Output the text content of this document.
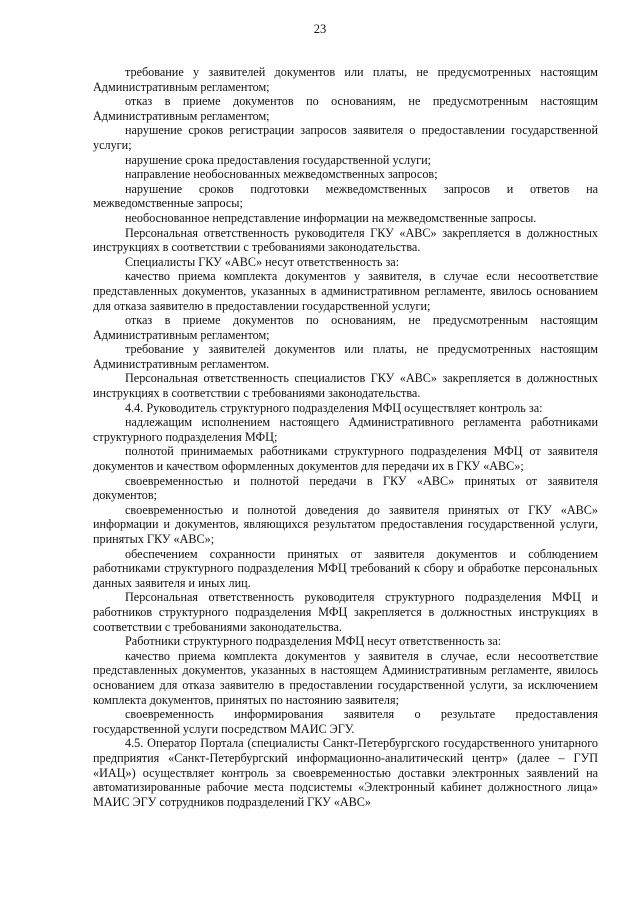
23

требование у заявителей документов или платы, не предусмотренных настоящим Административным регламентом;

отказ в приеме документов по основаниям, не предусмотренным настоящим Административным регламентом;

нарушение сроков регистрации запросов заявителя о предоставлении государственной услуги;

нарушение срока предоставления государственной услуги;

направление необоснованных межведомственных запросов;

нарушение сроков подготовки межведомственных запросов и ответов на межведомственные запросы;

необоснованное непредставление информации на межведомственные запросы.

Персональная ответственность руководителя ГКУ «АВС» закрепляется в должностных инструкциях в соответствии с требованиями законодательства.

Специалисты ГКУ «АВС» несут ответственность за:

качество приема комплекта документов у заявителя, в случае если несоответствие представленных документов, указанных в административном регламенте, явилось основанием для отказа заявителю в предоставлении государственной услуги;

отказ в приеме документов по основаниям, не предусмотренным настоящим Административным регламентом;

требование у заявителей документов или платы, не предусмотренных настоящим Административным регламентом.

Персональная ответственность специалистов ГКУ «АВС» закрепляется в должностных инструкциях в соответствии с требованиями законодательства.

4.4. Руководитель структурного подразделения МФЦ осуществляет контроль за:

надлежащим исполнением настоящего Административного регламента работниками структурного подразделения МФЦ;

полнотой принимаемых работниками структурного подразделения МФЦ от заявителя документов и качеством оформленных документов для передачи их в ГКУ «АВС»;

своевременностью и полнотой передачи в ГКУ «АВС» принятых от заявителя документов;

своевременностью и полнотой доведения до заявителя принятых от ГКУ «АВС» информации и документов, являющихся результатом предоставления государственной услуги, принятых ГКУ «АВС»;

обеспечением сохранности принятых от заявителя документов и соблюдением работниками структурного подразделения МФЦ требований к сбору и обработке персональных данных заявителя и иных лиц.

Персональная ответственность руководителя структурного подразделения МФЦ и работников структурного подразделения МФЦ закрепляется в должностных инструкциях в соответствии с требованиями законодательства.

Работники структурного подразделения МФЦ несут ответственность за:

качество приема комплекта документов у заявителя в случае, если несоответствие представленных документов, указанных в настоящем Административным регламенте, явилось основанием для отказа заявителю в предоставлении государственной услуги, за исключением комплекта документов, принятых по настоянию заявителя;

своевременность информирования заявителя о результате предоставления государственной услуги посредством МАИС ЭГУ.

4.5. Оператор Портала (специалисты Санкт-Петербургского государственного унитарного предприятия «Санкт-Петербургский информационно-аналитический центр» (далее – ГУП «ИАЦ») осуществляет контроль за своевременностью доставки электронных заявлений на автоматизированные рабочие места подсистемы «Электронный кабинет должностного лица» МАИС ЭГУ сотрудников подразделений ГКУ «АВС»
